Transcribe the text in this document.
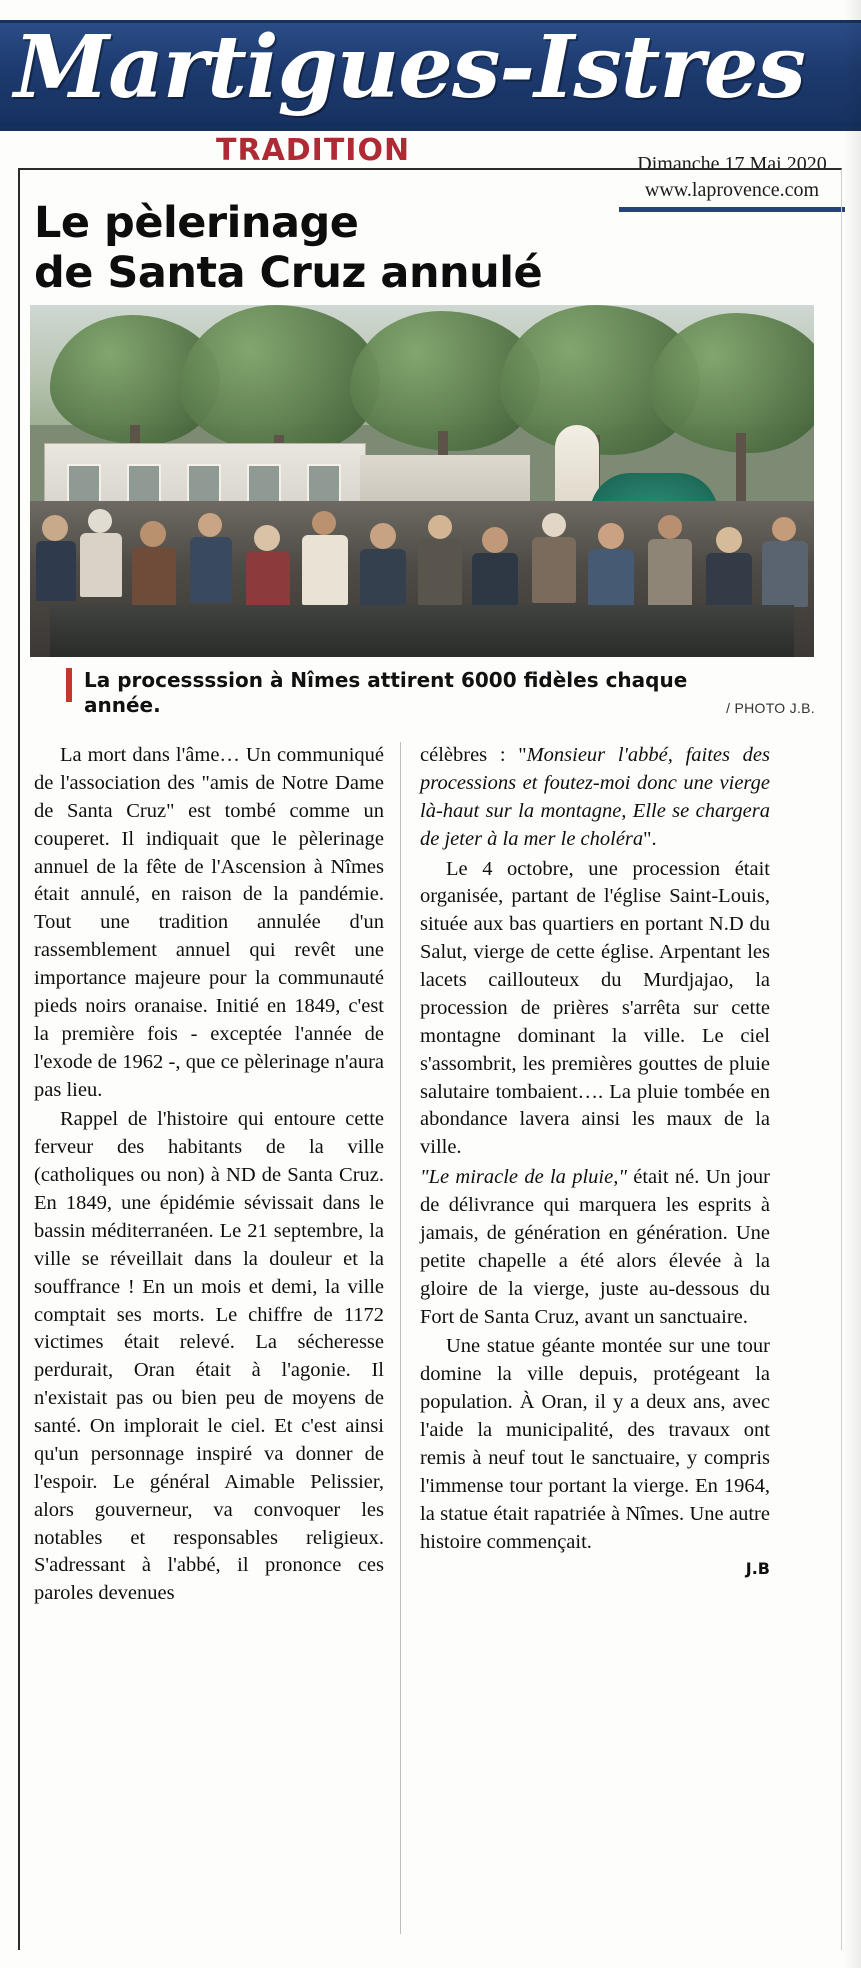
Martigues-Istres
TRADITION	Dimanche 17 Mai 2020
www.laprovence.com
Le pèlerinage
de Santa Cruz annulé
La processssion à Nîmes attirent 6000 fidèles chaque année.	/ PHOTO J.B.

La mort dans l'âme… Un communiqué de l'association des "amis de Notre Dame de Santa Cruz" est tombé comme un couperet. Il indiquait que le pèlerinage annuel de la fête de l'Ascension à Nîmes était annulé, en raison de la pandémie. Tout une tradition annulée d'un rassemblement annuel qui revêt une importance majeure pour la communauté pieds noirs oranaise. Initié en 1849, c'est la première fois - exceptée l'année de l'exode de 1962 -, que ce pèlerinage n'aura pas lieu.

Rappel de l'histoire qui entoure cette ferveur des habitants de la ville (catholiques ou non) à ND de Santa Cruz. En 1849, une épidémie sévissait dans le bassin méditerranéen. Le 21 septembre, la ville se réveillait dans la douleur et la souffrance ! En un mois et demi, la ville comptait ses morts. Le chiffre de 1172 victimes était relevé. La sécheresse perdurait, Oran était à l'agonie. Il n'existait pas ou bien peu de moyens de santé. On implorait le ciel. Et c'est ainsi qu'un personnage inspiré va donner de l'espoir. Le général Aimable Pelissier, alors gouverneur, va convoquer les notables et responsables religieux. S'adressant à l'abbé, il prononce ces paroles devenues

célèbres : "Monsieur l'abbé, faites des processions et foutez-moi donc une vierge là-haut sur la montagne, Elle se chargera de jeter à la mer le choléra".

Le 4 octobre, une procession était organisée, partant de l'église Saint-Louis, située aux bas quartiers en portant N.D du Salut, vierge de cette église. Arpentant les lacets caillouteux du Murdjajao, la procession de prières s'arrêta sur cette montagne dominant la ville. Le ciel s'assombrit, les premières gouttes de pluie salutaire tombaient…. La pluie tombée en abondance lavera ainsi les maux de la ville.

"Le miracle de la pluie," était né. Un jour de délivrance qui marquera les esprits à jamais, de génération en génération. Une petite chapelle a été alors élevée à la gloire de la vierge, juste au-dessous du Fort de Santa Cruz, avant un sanctuaire.

Une statue géante montée sur une tour domine la ville depuis, protégeant la population. À Oran, il y a deux ans, avec l'aide la municipalité, des travaux ont remis à neuf tout le sanctuaire, y compris l'immense tour portant la vierge. En 1964, la statue était rapatriée à Nîmes. Une autre histoire commençait.

J.B
